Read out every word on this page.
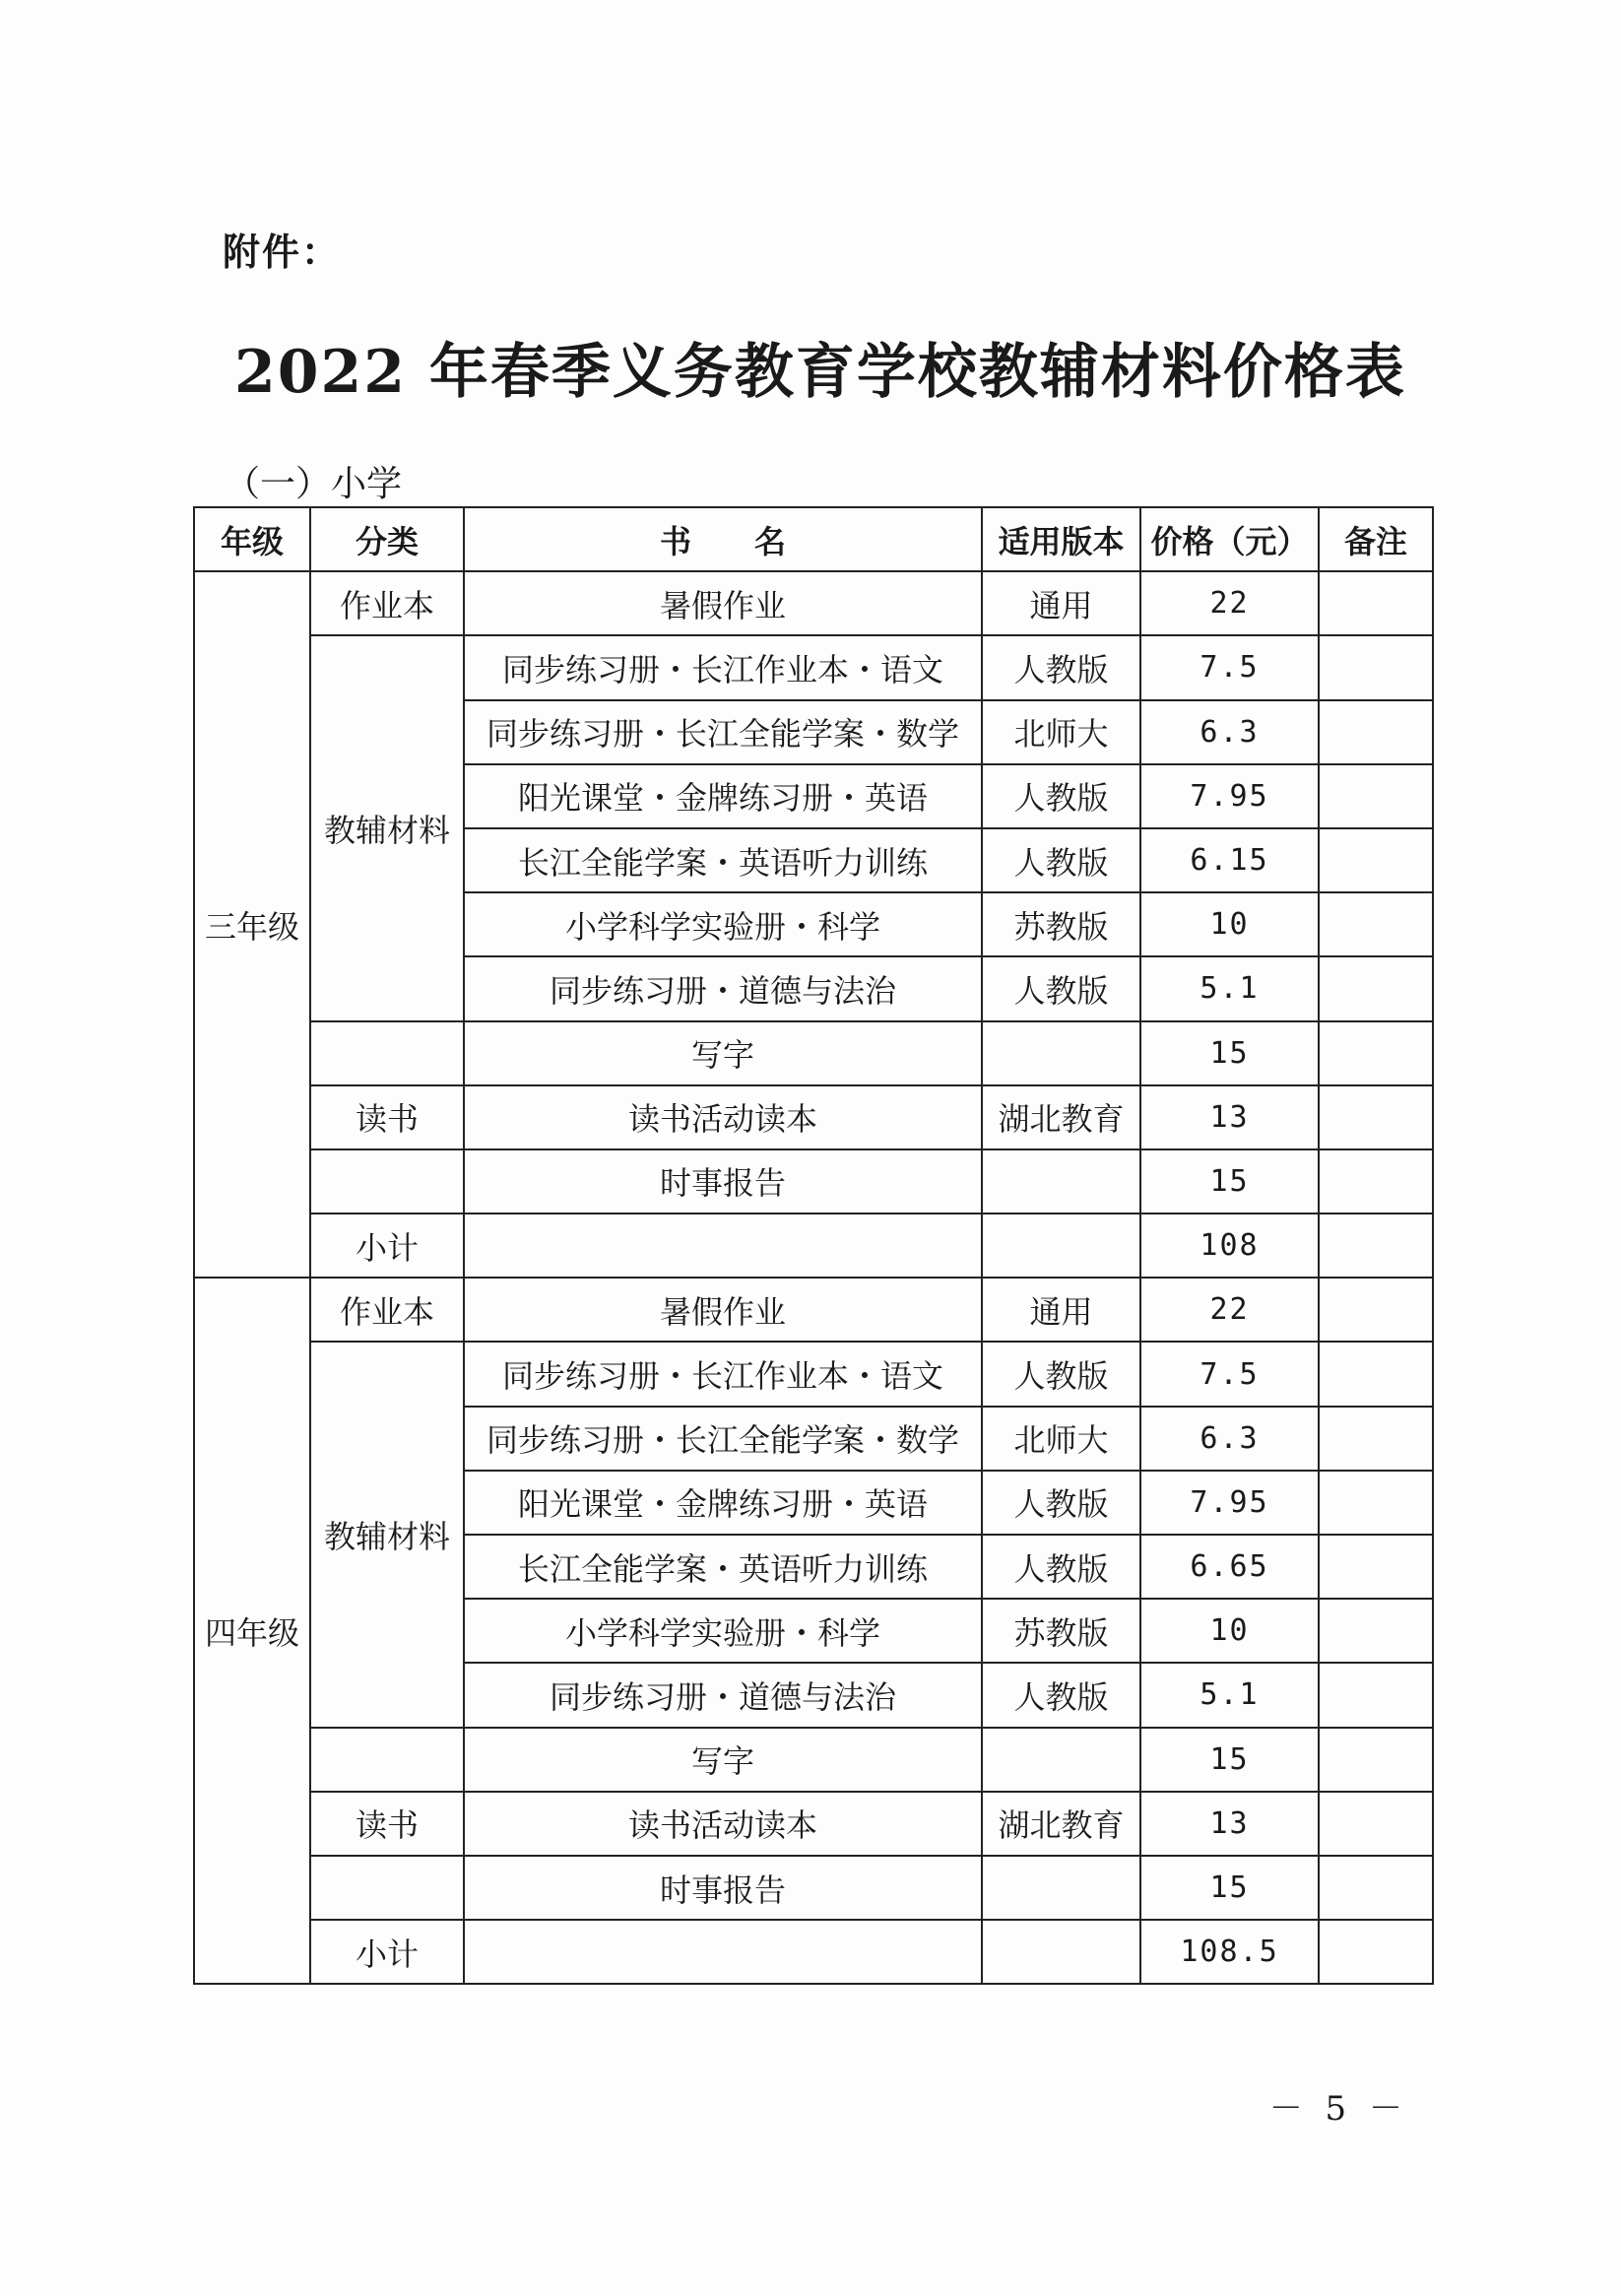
附件：
2022 年春季义务教育学校教辅材料价格表
（一）小学
年级	分类	书　　名	适用版本	价格（元）	备注
三年级	作业本	暑假作业	通用	22	
	教辅材料	同步练习册・长江作业本・语文	人教版	7.5	
		同步练习册・长江全能学案・数学	北师大	6.3	
		阳光课堂・金牌练习册・英语	人教版	7.95	
		长江全能学案・英语听力训练	人教版	6.15	
		小学科学实验册・科学	苏教版	10	
		同步练习册・道德与法治	人教版	5.1	
		写字		15	
	读书	读书活动读本	湖北教育	13	
		时事报告		15	
	小计			108	
四年级	作业本	暑假作业	通用	22	
	教辅材料	同步练习册・长江作业本・语文	人教版	7.5	
		同步练习册・长江全能学案・数学	北师大	6.3	
		阳光课堂・金牌练习册・英语	人教版	7.95	
		长江全能学案・英语听力训练	人教版	6.65	
		小学科学实验册・科学	苏教版	10	
		同步练习册・道德与法治	人教版	5.1	
		写字		15	
	读书	读书活动读本	湖北教育	13	
		时事报告		15	
	小计			108.5	
－ 5 －
